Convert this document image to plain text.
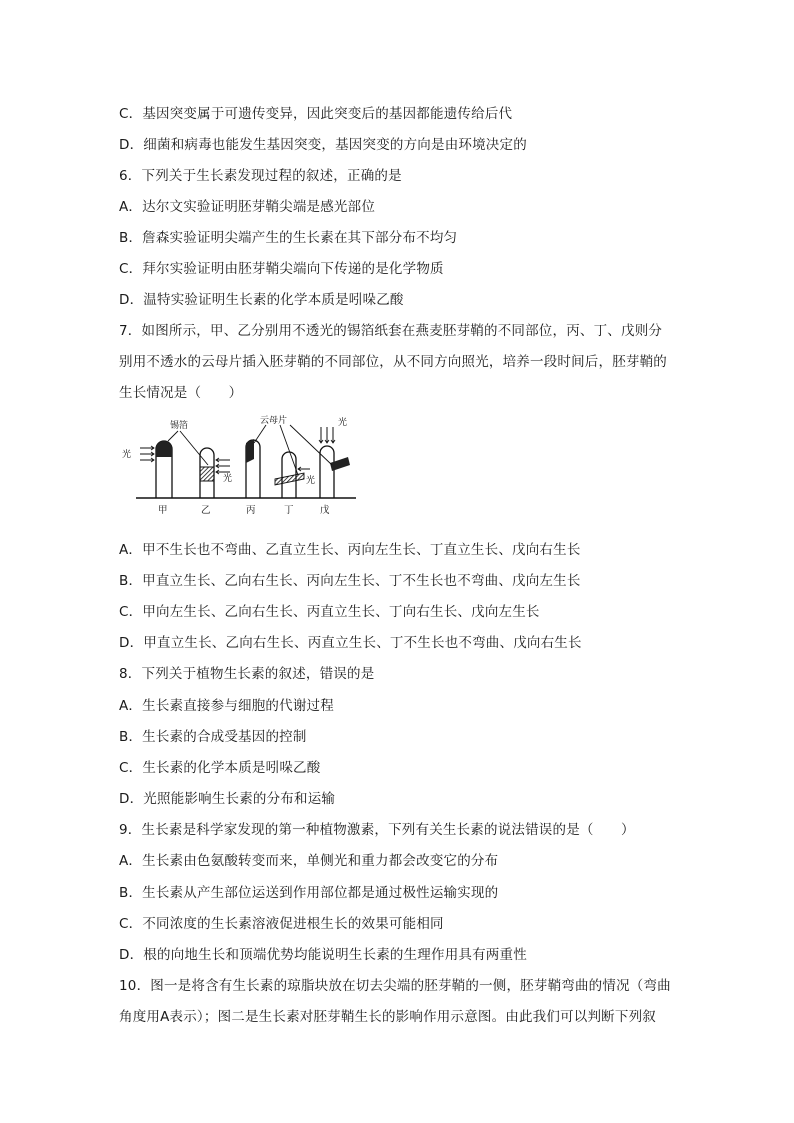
C．基因突变属于可遗传变异，因此突变后的基因都能遗传给后代
D．细菌和病毒也能发生基因突变，基因突变的方向是由环境决定的
6．下列关于生长素发现过程的叙述，正确的是
A．达尔文实验证明胚芽鞘尖端是感光部位
B．詹森实验证明尖端产生的生长素在其下部分布不均匀
C．拜尔实验证明由胚芽鞘尖端向下传递的是化学物质
D．温特实验证明生长素的化学本质是吲哚乙酸
7．如图所示，甲、乙分别用不透光的锡箔纸套在燕麦胚芽鞘的不同部位，丙、丁、戊则分
别用不透水的云母片插入胚芽鞘的不同部位，从不同方向照光，培养一段时间后，胚芽鞘的
生长情况是（　　）
光
锡箔
光
云母片
光
光
甲	乙	丙	丁	戊
A．甲不生长也不弯曲、乙直立生长、丙向左生长、丁直立生长、戊向右生长
B．甲直立生长、乙向右生长、丙向左生长、丁不生长也不弯曲、戊向左生长
C．甲向左生长、乙向右生长、丙直立生长、丁向右生长、戊向左生长
D．甲直立生长、乙向右生长、丙直立生长、丁不生长也不弯曲、戊向右生长
8．下列关于植物生长素的叙述，错误的是
A．生长素直接参与细胞的代谢过程
B．生长素的合成受基因的控制
C．生长素的化学本质是吲哚乙酸
D．光照能影响生长素的分布和运输
9．生长素是科学家发现的第一种植物激素，下列有关生长素的说法错误的是（　　）
A．生长素由色氨酸转变而来，单侧光和重力都会改变它的分布
B．生长素从产生部位运送到作用部位都是通过极性运输实现的
C．不同浓度的生长素溶液促进根生长的效果可能相同
D．根的向地生长和顶端优势均能说明生长素的生理作用具有两重性
10．图一是将含有生长素的琼脂块放在切去尖端的胚芽鞘的一侧，胚芽鞘弯曲的情况（弯曲
角度用A表示）；图二是生长素对胚芽鞘生长的影响作用示意图。由此我们可以判断下列叙
